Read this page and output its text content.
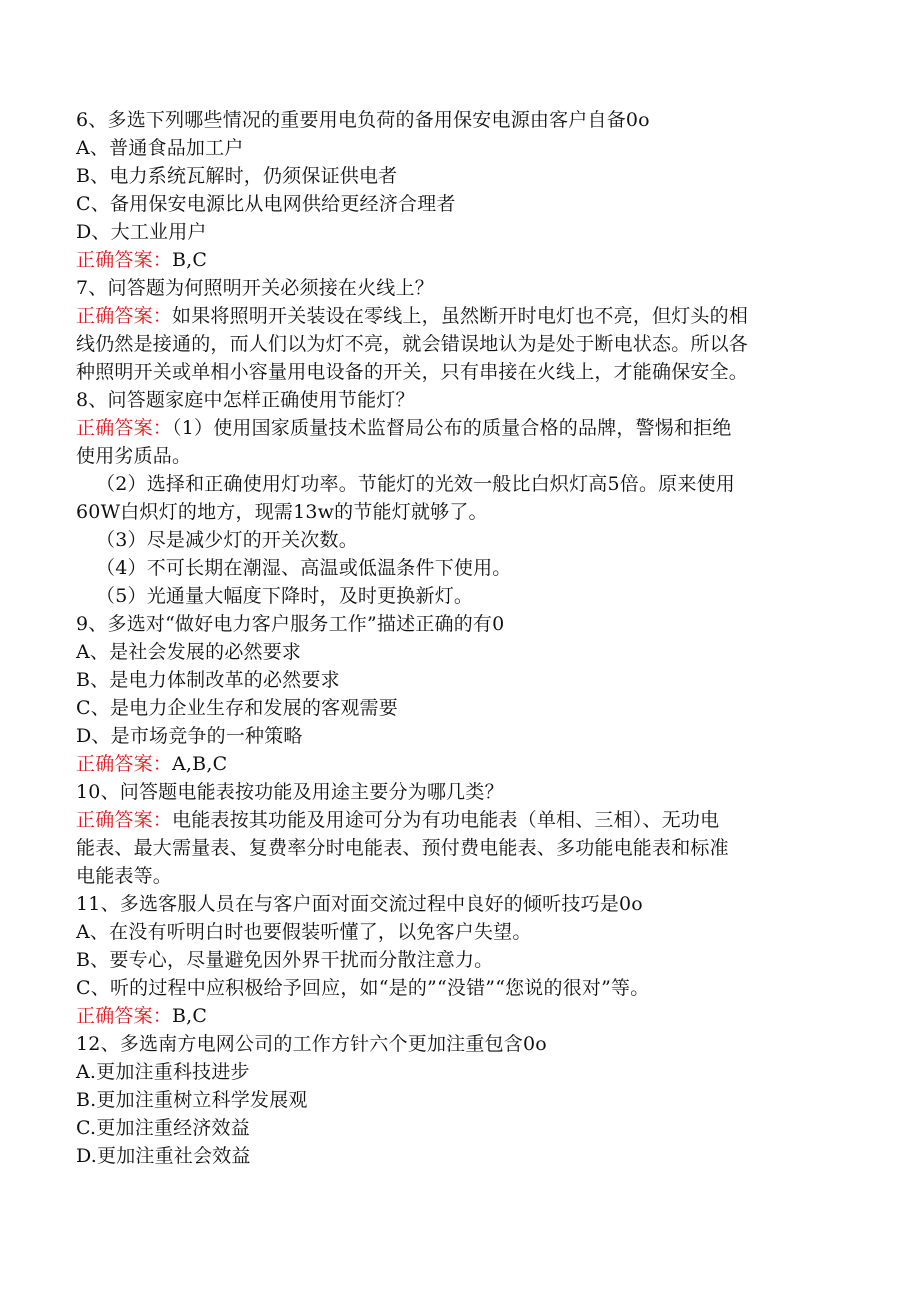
6、多选下列哪些情况的重要用电负荷的备用保安电源由客户自备0o
A、普通食品加工户
B、电力系统瓦解时，仍须保证供电者
C、备用保安电源比从电网供给更经济合理者
D、大工业用户
正确答案：B,C
7、问答题为何照明开关必须接在火线上？
正确答案：如果将照明开关装设在零线上，虽然断开时电灯也不亮，但灯头的相
线仍然是接通的，而人们以为灯不亮，就会错误地认为是处于断电状态。所以各
种照明开关或单相小容量用电设备的开关，只有串接在火线上，才能确保安全。
8、问答题家庭中怎样正确使用节能灯？
正确答案：（1）使用国家质量技术监督局公布的质量合格的品牌，警惕和拒绝
使用劣质品。
（2）选择和正确使用灯功率。节能灯的光效一般比白炽灯高5倍。原来使用
60W白炽灯的地方，现需13w的节能灯就够了。
（3）尽是减少灯的开关次数。
（4）不可长期在潮湿、高温或低温条件下使用。
（5）光通量大幅度下降时，及时更换新灯。
9、多选对“做好电力客户服务工作”描述正确的有0
A、是社会发展的必然要求
B、是电力体制改革的必然要求
C、是电力企业生存和发展的客观需要
D、是市场竞争的一种策略
正确答案：A,B,C
10、问答题电能表按功能及用途主要分为哪几类？
正确答案：电能表按其功能及用途可分为有功电能表（单相、三相）、无功电
能表、最大需量表、复费率分时电能表、预付费电能表、多功能电能表和标准
电能表等。
11、多选客服人员在与客户面对面交流过程中良好的倾听技巧是0o
A、在没有听明白时也要假装听懂了，以免客户失望。
B、要专心，尽量避免因外界干扰而分散注意力。
C、听的过程中应积极给予回应，如“是的”“没错”“您说的很对”等。
正确答案：B,C
12、多选南方电网公司的工作方针六个更加注重包含0o
A.更加注重科技进步
B.更加注重树立科学发展观
C.更加注重经济效益
D.更加注重社会效益
